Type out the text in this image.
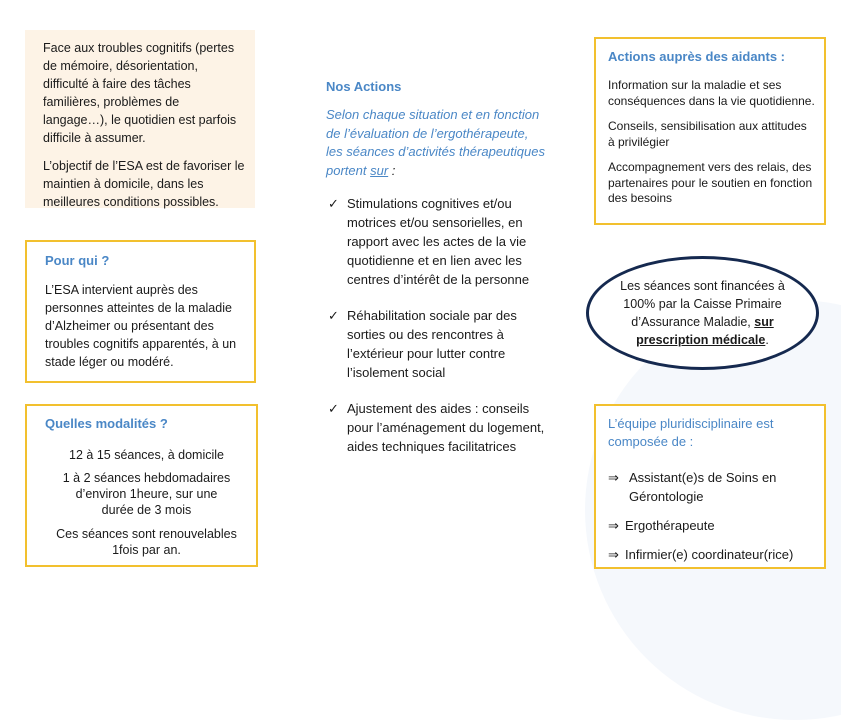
Face aux troubles cognitifs (pertes de mémoire, désorientation, difficulté à faire des tâches familières, problèmes de langage…), le quotidien est parfois difficile à assumer.

L’objectif de l’ESA est de favoriser le maintien à domicile, dans les meilleures conditions possibles.

Pour qui ?

L’ESA intervient auprès des personnes atteintes de la maladie d’Alzheimer ou présentant des troubles cognitifs apparentés, à un stade léger ou modéré.

Quelles modalités ?

12 à 15 séances, à domicile

1 à 2 séances hebdomadaires d’environ 1heure, sur une durée de 3 mois

Ces séances sont renouvelables 1fois par an.

Nos Actions

Selon chaque situation et en fonction de l’évaluation de l’ergothérapeute, les séances d’activités thérapeutiques portent sur :

✓ Stimulations cognitives et/ou motrices et/ou sensorielles, en rapport avec les actes de la vie quotidienne et en lien avec les centres d’intérêt de la personne
✓ Réhabilitation sociale par des sorties ou des rencontres à l’extérieur pour lutter contre l’isolement social
✓ Ajustement des aides : conseils pour l’aménagement du logement, aides techniques facilitatrices

Actions auprès des aidants :

Information sur la maladie et ses conséquences dans la vie quotidienne.

Conseils, sensibilisation aux attitudes à privilégier

Accompagnement vers des relais, des partenaires pour le soutien en fonction des besoins

Les séances sont financées à 100% par la Caisse Primaire d’Assurance Maladie, sur prescription médicale.

L’équipe pluridisciplinaire est composée de :

⇒ Assistant(e)s de Soins en Gérontologie
⇒ Ergothérapeute
⇒ Infirmier(e) coordinateur(rice)
